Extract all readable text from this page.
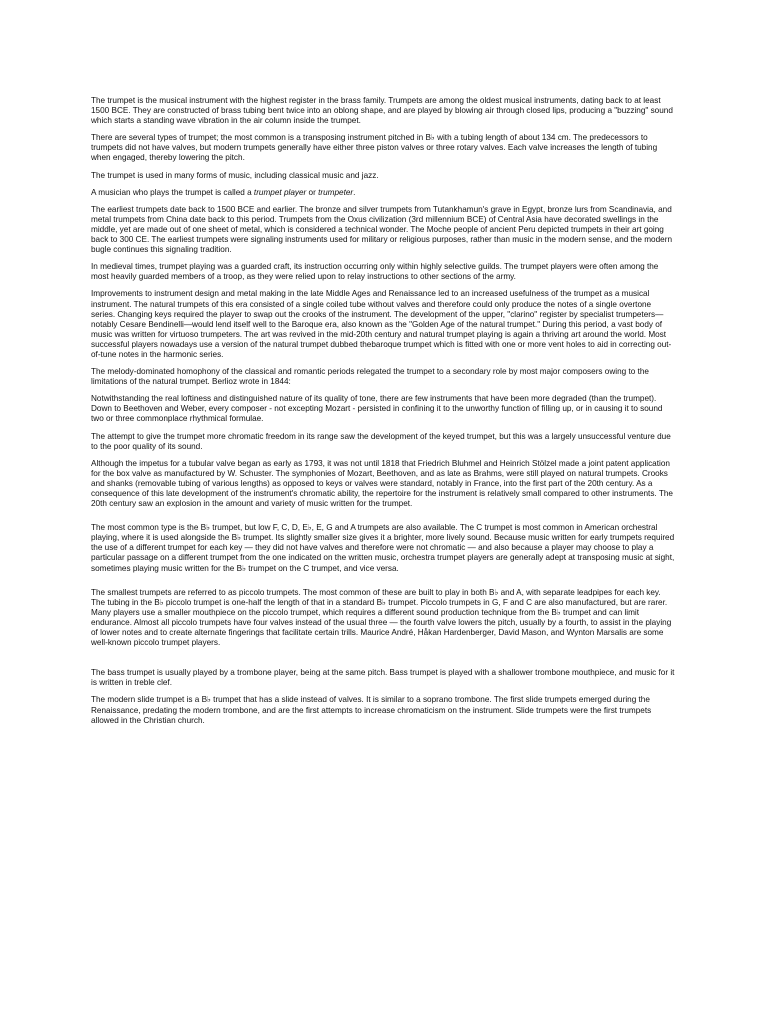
The trumpet is the musical instrument with the highest register in the brass family. Trumpets are among the oldest musical instruments, dating back to at least 1500 BCE. They are constructed of brass tubing bent twice into an oblong shape, and are played by blowing air through closed lips, producing a "buzzing" sound which starts a standing wave vibration in the air column inside the trumpet.

There are several types of trumpet; the most common is a transposing instrument pitched in B♭ with a tubing length of about 134 cm. The predecessors to trumpets did not have valves, but modern trumpets generally have either three piston valves or three rotary valves. Each valve increases the length of tubing when engaged, thereby lowering the pitch.

The trumpet is used in many forms of music, including classical music and jazz.

A musician who plays the trumpet is called a trumpet player or trumpeter.

The earliest trumpets date back to 1500 BCE and earlier. The bronze and silver trumpets from Tutankhamun's grave in Egypt, bronze lurs from Scandinavia, and metal trumpets from China date back to this period. Trumpets from the Oxus civilization (3rd millennium BCE) of Central Asia have decorated swellings in the middle, yet are made out of one sheet of metal, which is considered a technical wonder. The Moche people of ancient Peru depicted trumpets in their art going back to 300 CE. The earliest trumpets were signaling instruments used for military or religious purposes, rather than music in the modern sense, and the modern bugle continues this signaling tradition.

In medieval times, trumpet playing was a guarded craft, its instruction occurring only within highly selective guilds. The trumpet players were often among the most heavily guarded members of a troop, as they were relied upon to relay instructions to other sections of the army.

Improvements to instrument design and metal making in the late Middle Ages and Renaissance led to an increased usefulness of the trumpet as a musical instrument. The natural trumpets of this era consisted of a single coiled tube without valves and therefore could only produce the notes of a single overtone series. Changing keys required the player to swap out the crooks of the instrument. The development of the upper, "clarino" register by specialist trumpeters—notably Cesare Bendinelli—would lend itself well to the Baroque era, also known as the "Golden Age of the natural trumpet." During this period, a vast body of music was written for virtuoso trumpeters. The art was revived in the mid-20th century and natural trumpet playing is again a thriving art around the world. Most successful players nowadays use a version of the natural trumpet dubbed thebaroque trumpet which is fitted with one or more vent holes to aid in correcting out-of-tune notes in the harmonic series.

The melody-dominated homophony of the classical and romantic periods relegated the trumpet to a secondary role by most major composers owing to the limitations of the natural trumpet. Berlioz wrote in 1844:

Notwithstanding the real loftiness and distinguished nature of its quality of tone, there are few instruments that have been more degraded (than the trumpet). Down to Beethoven and Weber, every composer - not excepting Mozart - persisted in confining it to the unworthy function of filling up, or in causing it to sound two or three commonplace rhythmical formulae.

The attempt to give the trumpet more chromatic freedom in its range saw the development of the keyed trumpet, but this was a largely unsuccessful venture due to the poor quality of its sound.

Although the impetus for a tubular valve began as early as 1793, it was not until 1818 that Friedrich Bluhmel and Heinrich Stölzel made a joint patent application for the box valve as manufactured by W. Schuster. The symphonies of Mozart, Beethoven, and as late as Brahms, were still played on natural trumpets. Crooks and shanks (removable tubing of various lengths) as opposed to keys or valves were standard, notably in France, into the first part of the 20th century. As a consequence of this late development of the instrument's chromatic ability, the repertoire for the instrument is relatively small compared to other instruments. The 20th century saw an explosion in the amount and variety of music written for the trumpet.

The most common type is the B♭ trumpet, but low F, C, D, E♭, E, G and A trumpets are also available. The C trumpet is most common in American orchestral playing, where it is used alongside the B♭ trumpet. Its slightly smaller size gives it a brighter, more lively sound. Because music written for early trumpets required the use of a different trumpet for each key — they did not have valves and therefore were not chromatic — and also because a player may choose to play a particular passage on a different trumpet from the one indicated on the written music, orchestra trumpet players are generally adept at transposing music at sight, sometimes playing music written for the B♭ trumpet on the C trumpet, and vice versa.

The smallest trumpets are referred to as piccolo trumpets. The most common of these are built to play in both B♭ and A, with separate leadpipes for each key. The tubing in the B♭ piccolo trumpet is one-half the length of that in a standard B♭ trumpet. Piccolo trumpets in G, F and C are also manufactured, but are rarer. Many players use a smaller mouthpiece on the piccolo trumpet, which requires a different sound production technique from the B♭ trumpet and can limit endurance. Almost all piccolo trumpets have four valves instead of the usual three — the fourth valve lowers the pitch, usually by a fourth, to assist in the playing of lower notes and to create alternate fingerings that facilitate certain trills. Maurice André, Håkan Hardenberger, David Mason, and Wynton Marsalis are some well-known piccolo trumpet players.

The bass trumpet is usually played by a trombone player, being at the same pitch. Bass trumpet is played with a shallower trombone mouthpiece, and music for it is written in treble clef.

The modern slide trumpet is a B♭ trumpet that has a slide instead of valves. It is similar to a soprano trombone. The first slide trumpets emerged during the Renaissance, predating the modern trombone, and are the first attempts to increase chromaticism on the instrument. Slide trumpets were the first trumpets allowed in the Christian church.
